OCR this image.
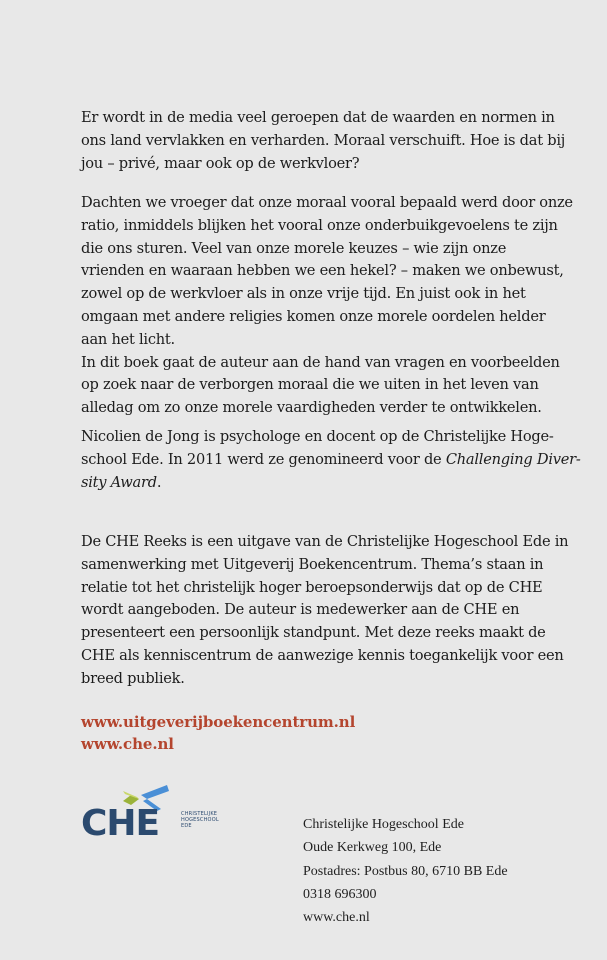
Er wordt in de media veel geroepen dat de waarden en normen in
ons land vervlakken en verharden. Moraal verschuift. Hoe is dat bij
jou – privé, maar ook op de werkvloer?

Dachten we vroeger dat onze moraal vooral bepaald werd door onze
ratio, inmiddels blijken het vooral onze onderbuikgevoelens te zijn
die ons sturen. Veel van onze morele keuzes – wie zijn onze
vrienden en waaraan hebben we een hekel? – maken we onbewust,
zowel op de werkvloer als in onze vrije tijd. En juist ook in het
omgaan met andere religies komen onze morele oordelen helder
aan het licht.
In dit boek gaat de auteur aan de hand van vragen en voorbeelden
op zoek naar de verborgen moraal die we uiten in het leven van
alledag om zo onze morele vaardigheden verder te ontwikkelen.

Nicolien de Jong is psychologe en docent op de Christelijke Hoge-
school Ede. In 2011 werd ze genomineerd voor de Challenging Diver-
sity Award.

De CHE Reeks is een uitgave van de Christelijke Hogeschool Ede in
samenwerking met Uitgeverij Boekencentrum. Thema’s staan in
relatie tot het christelijk hoger beroepsonderwijs dat op de CHE
wordt aangeboden. De auteur is medewerker aan de CHE en
presenteert een persoonlijk standpunt. Met deze reeks maakt de
CHE als kenniscentrum de aanwezige kennis toegankelijk voor een
breed publiek.

www.uitgeverijboekencentrum.nl
www.che.nl
CHE	CHRISTELIJKE
HOGESCHOOL
EDE	Christelijke Hogeschool Ede
Oude Kerkweg 100, Ede
Postadres: Postbus 80, 6710 BB Ede
0318 696300
www.che.nl
